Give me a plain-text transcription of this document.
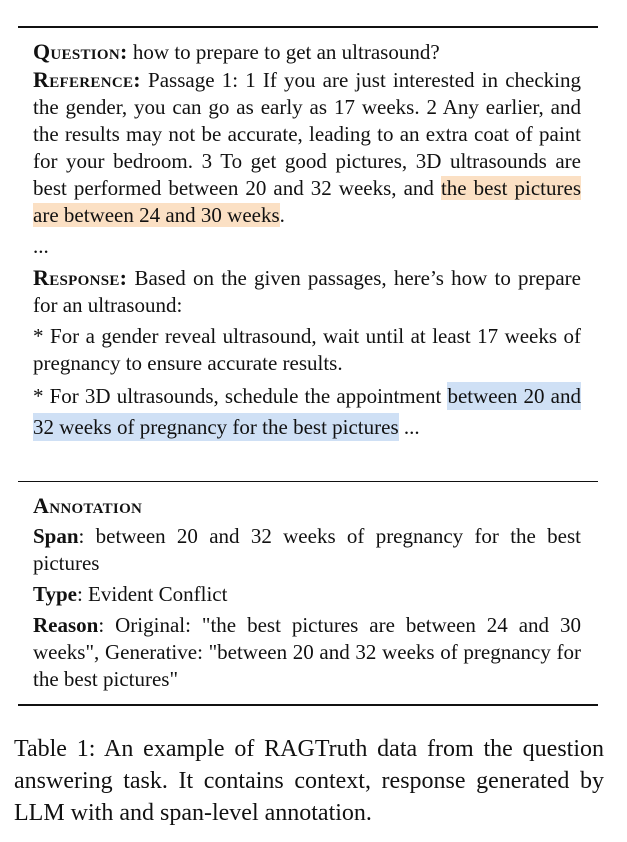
Question: how to prepare to get an ultrasound?

Reference: Passage 1: 1 If you are just interested in checking the gender, you can go as early as 17 weeks. 2 Any earlier, and the results may not be accurate, leading to an extra coat of paint for your bedroom. 3 To get good pictures, 3D ultrasounds are best performed between 20 and 32 weeks, and the best pictures are between 24 and 30 weeks.

...

Response: Based on the given passages, here’s how to prepare for an ultrasound:

* For a gender reveal ultrasound, wait until at least 17 weeks of pregnancy to ensure accurate results.

* For 3D ultrasounds, schedule the appointment between 20 and 32 weeks of pregnancy for the best pictures ...

Annotation

Span: between 20 and 32 weeks of pregnancy for the best pictures

Type: Evident Conflict

Reason: Original: "the best pictures are between 24 and 30 weeks", Generative: "between 20 and 32 weeks of pregnancy for the best pictures"

Table 1: An example of RAGTruth data from the question answering task. It contains context, response generated by LLM with and span-level annotation.
